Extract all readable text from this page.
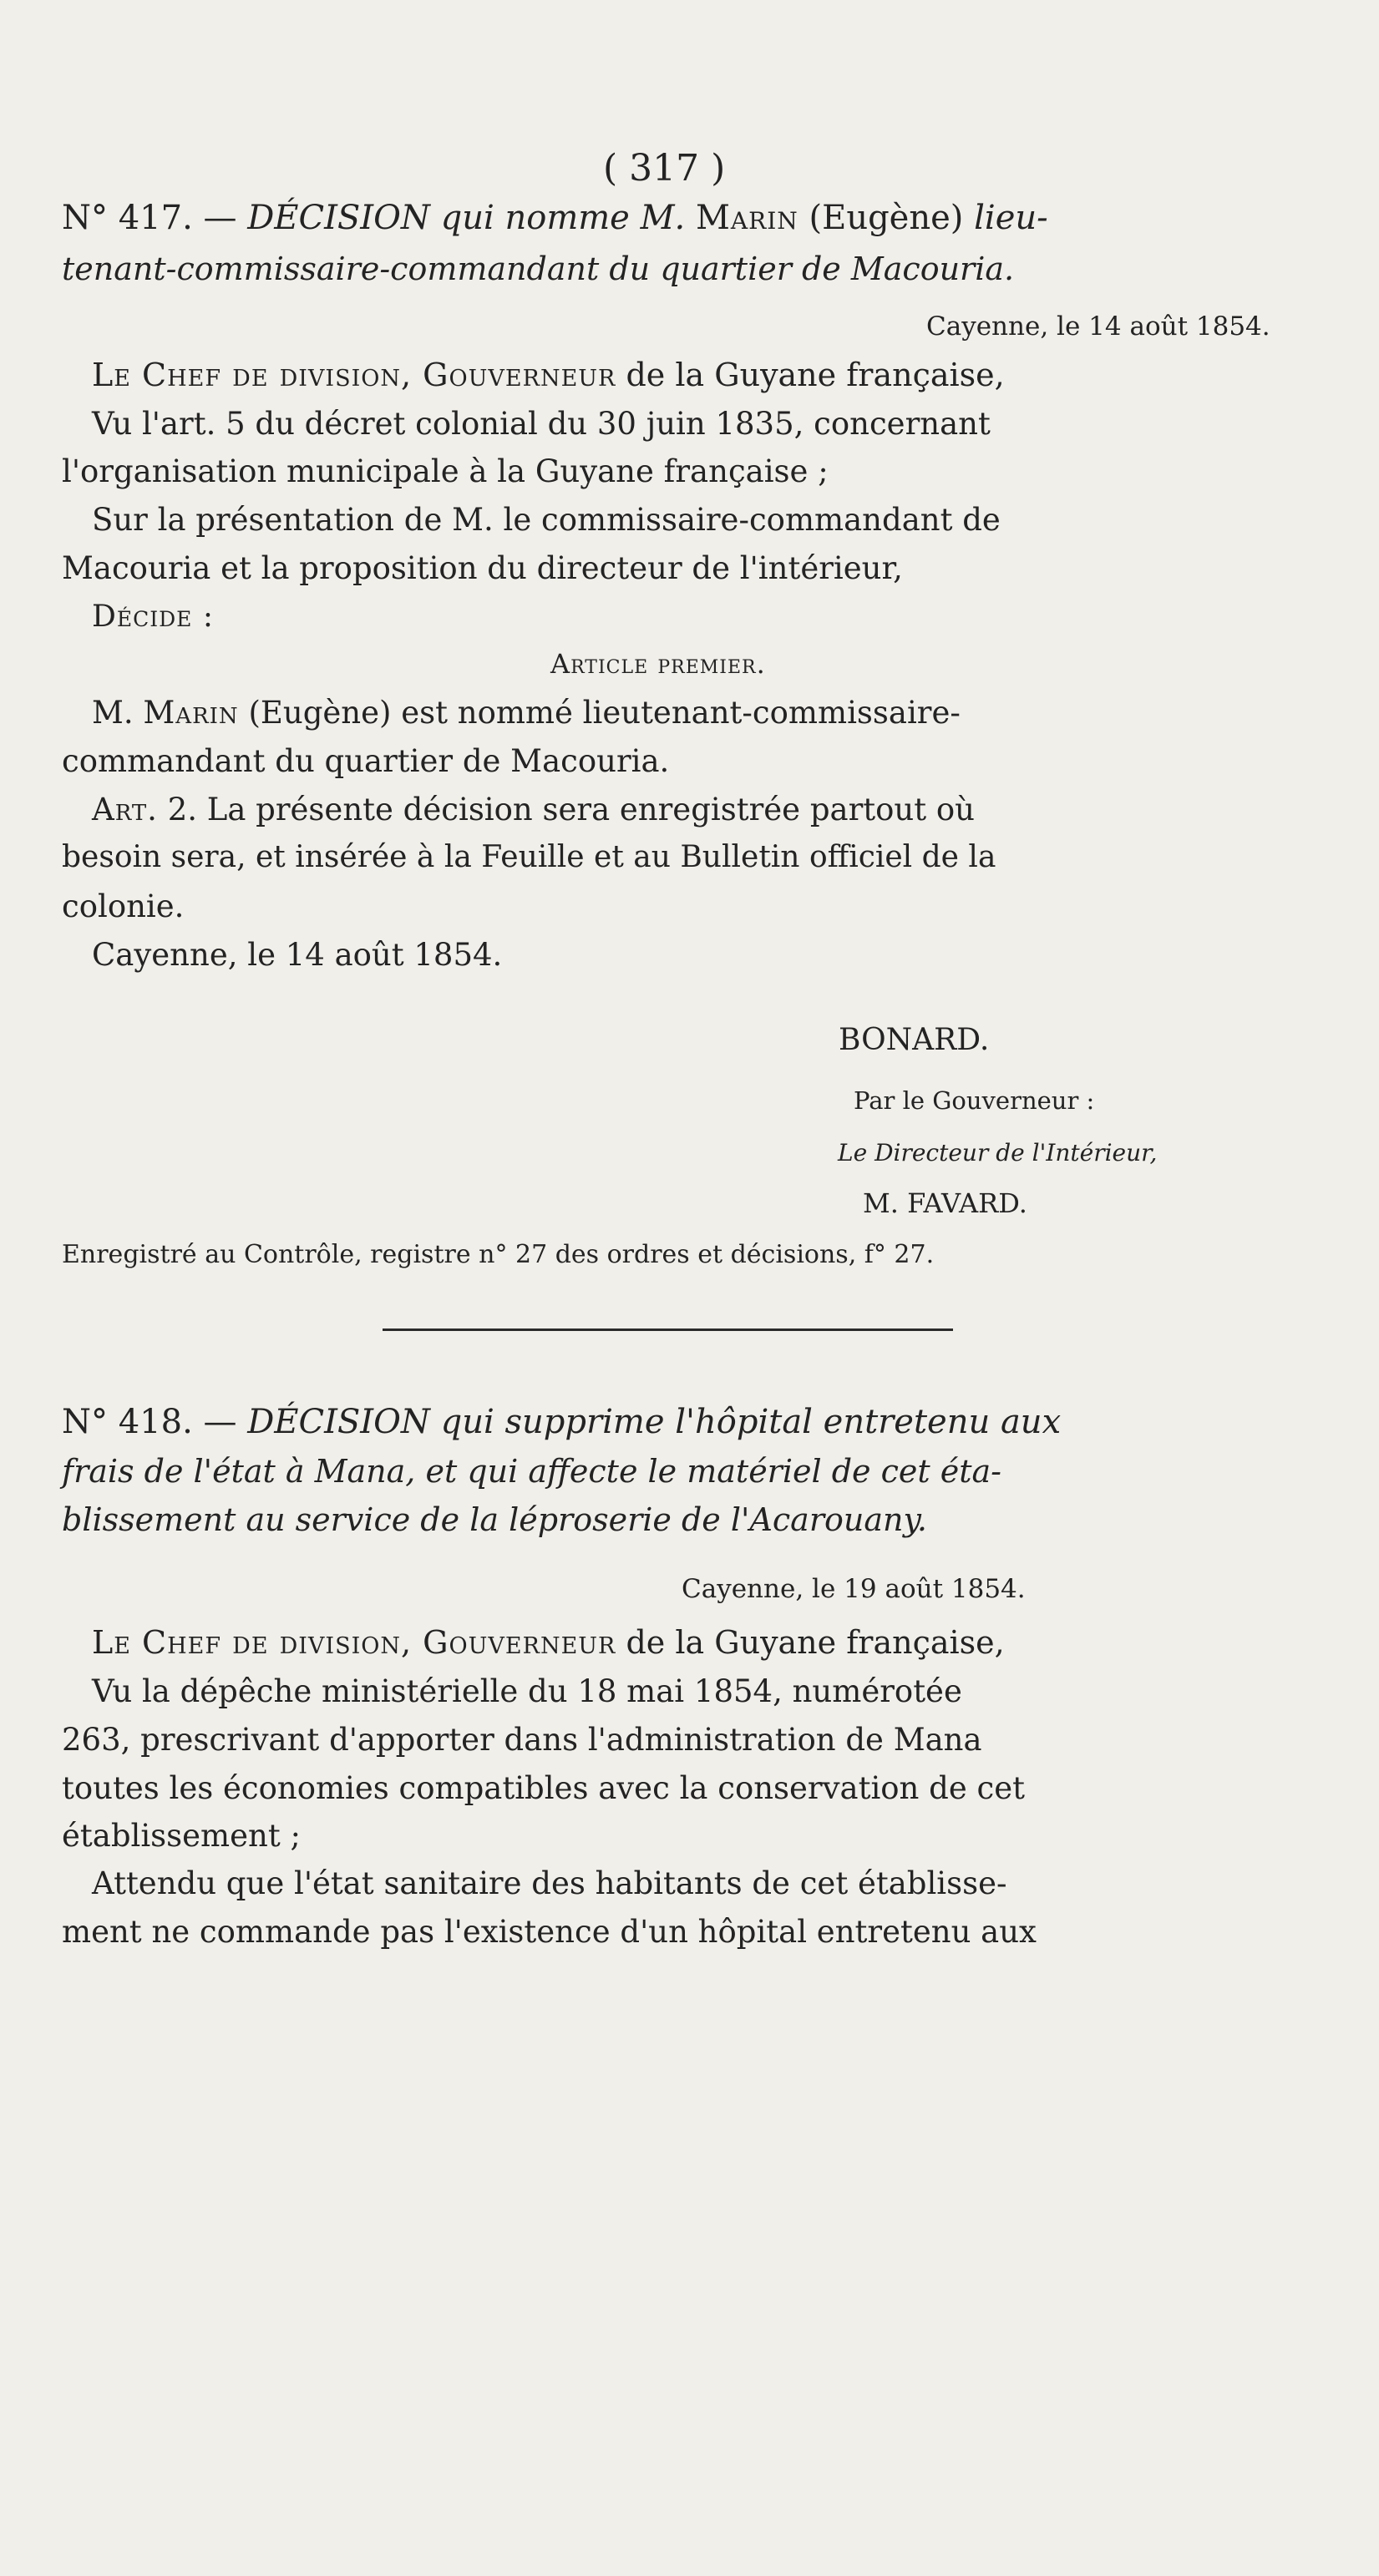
( 317 )
N° 417. — DÉCISION qui nomme M. Marin (Eugène) lieu-
tenant-commissaire-commandant du quartier de Macouria.
Cayenne, le 14 août 1854.
Le Chef de division, Gouverneur de la Guyane française,
Vu l'art. 5 du décret colonial du 30 juin 1835, concernant
l'organisation municipale à la Guyane française ;
Sur la présentation de M. le commissaire-commandant de
Macouria et la proposition du directeur de l'intérieur,
Décide :
Article premier.
M. Marin (Eugène) est nommé lieutenant-commissaire-
commandant du quartier de Macouria.
Art. 2. La présente décision sera enregistrée partout où
besoin sera, et insérée à la Feuille et au Bulletin officiel de la
colonie.
Cayenne, le 14 août 1854.
BONARD.
Par le Gouverneur :
Le Directeur de l'Intérieur,
M. FAVARD.
Enregistré au Contrôle, registre n° 27 des ordres et décisions, f° 27.
N° 418. — DÉCISION qui supprime l'hôpital entretenu aux
frais de l'état à Mana, et qui affecte le matériel de cet éta-
blissement au service de la léproserie de l'Acarouany.
Cayenne, le 19 août 1854.
Le Chef de division, Gouverneur de la Guyane française,
Vu la dépêche ministérielle du 18 mai 1854, numérotée
263, prescrivant d'apporter dans l'administration de Mana
toutes les économies compatibles avec la conservation de cet
établissement ;
Attendu que l'état sanitaire des habitants de cet établisse-
ment ne commande pas l'existence d'un hôpital entretenu aux
